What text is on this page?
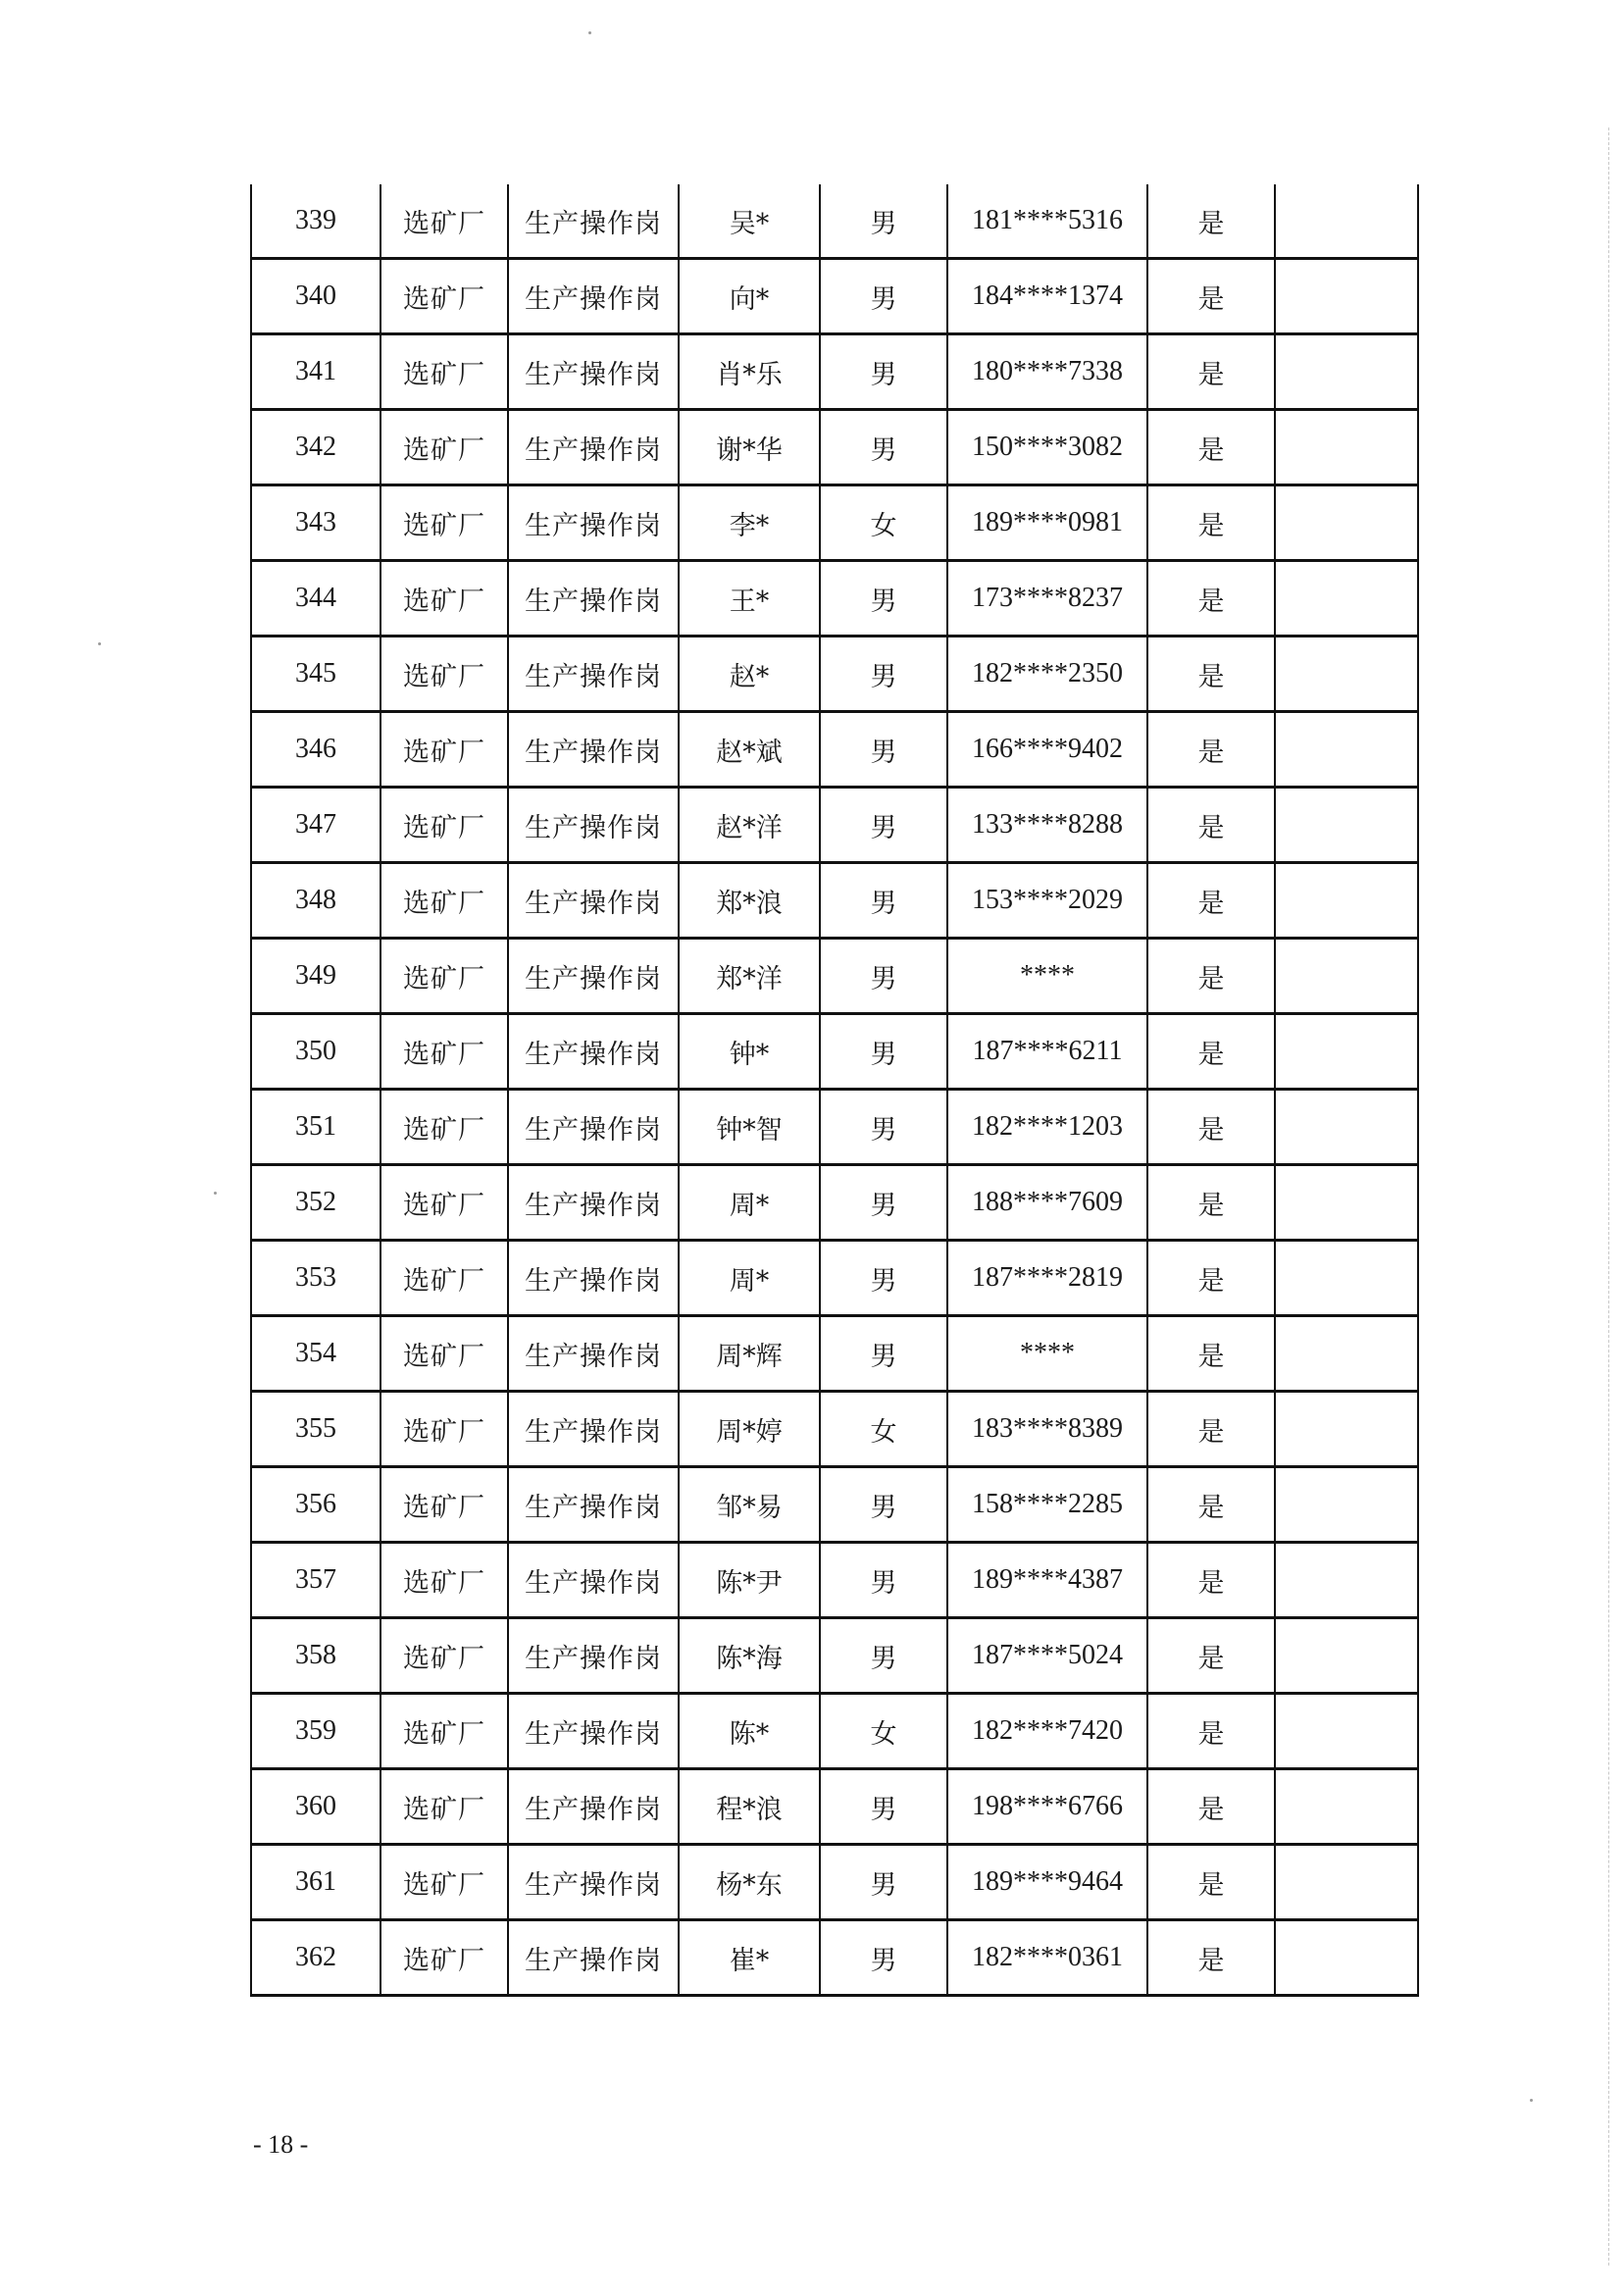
339	选矿厂	生产操作岗	吴*	男	181****5316	是	
340	选矿厂	生产操作岗	向*	男	184****1374	是	
341	选矿厂	生产操作岗	肖*乐	男	180****7338	是	
342	选矿厂	生产操作岗	谢*华	男	150****3082	是	
343	选矿厂	生产操作岗	李*	女	189****0981	是	
344	选矿厂	生产操作岗	王*	男	173****8237	是	
345	选矿厂	生产操作岗	赵*	男	182****2350	是	
346	选矿厂	生产操作岗	赵*斌	男	166****9402	是	
347	选矿厂	生产操作岗	赵*洋	男	133****8288	是	
348	选矿厂	生产操作岗	郑*浪	男	153****2029	是	
349	选矿厂	生产操作岗	郑*洋	男	****	是	
350	选矿厂	生产操作岗	钟*	男	187****6211	是	
351	选矿厂	生产操作岗	钟*智	男	182****1203	是	
352	选矿厂	生产操作岗	周*	男	188****7609	是	
353	选矿厂	生产操作岗	周*	男	187****2819	是	
354	选矿厂	生产操作岗	周*辉	男	****	是	
355	选矿厂	生产操作岗	周*婷	女	183****8389	是	
356	选矿厂	生产操作岗	邹*易	男	158****2285	是	
357	选矿厂	生产操作岗	陈*尹	男	189****4387	是	
358	选矿厂	生产操作岗	陈*海	男	187****5024	是	
359	选矿厂	生产操作岗	陈*	女	182****7420	是	
360	选矿厂	生产操作岗	程*浪	男	198****6766	是	
361	选矿厂	生产操作岗	杨*东	男	189****9464	是	
362	选矿厂	生产操作岗	崔*	男	182****0361	是	
- 18 -
